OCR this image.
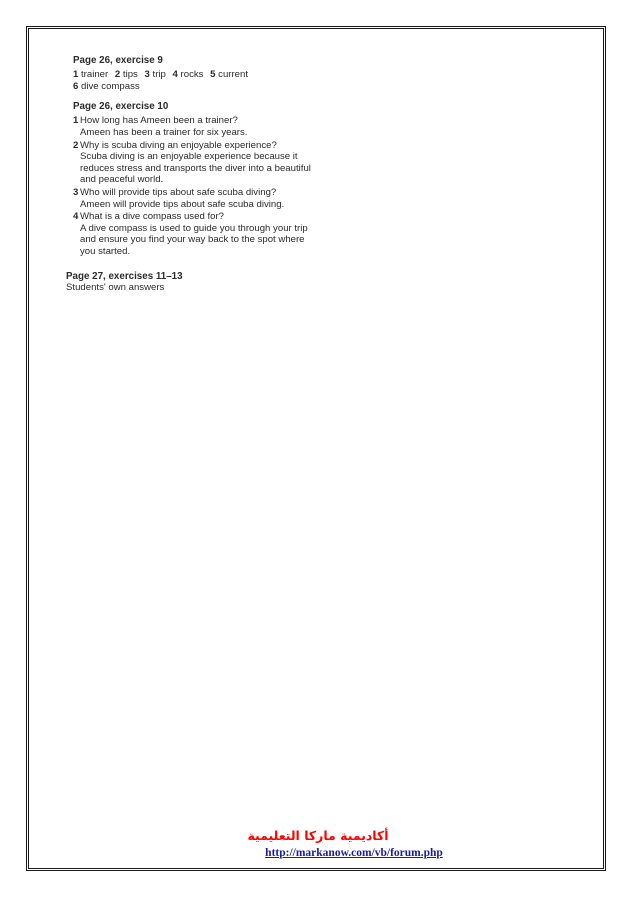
Page 26, exercise 9

1 trainer 2 tips 3 trip 4 rocks 5 current
6 dive compass

Page 26, exercise 10

1 How long has Ameen been a trainer?
Ameen has been a trainer for six years.
2 Why is scuba diving an enjoyable experience?
Scuba diving is an enjoyable experience because it
reduces stress and transports the diver into a beautiful
and peaceful world.
3 Who will provide tips about safe scuba diving?
Ameen will provide tips about safe scuba diving.
4 What is a dive compass used for?
A dive compass is used to guide you through your trip
and ensure you find your way back to the spot where
you started.

Page 27, exercises 11–13

Students' own answers
أكاديمية ماركا التعليمية
http://markanow.com/vb/forum.php
